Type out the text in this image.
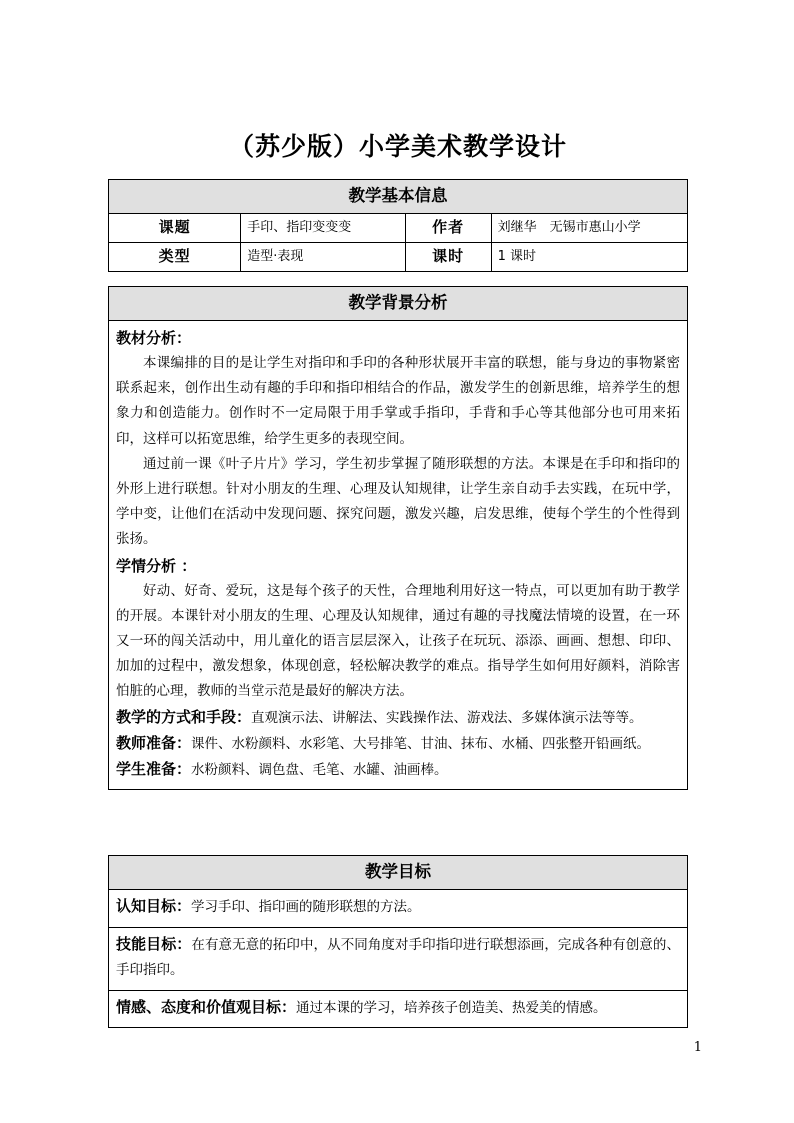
（苏少版）小学美术教学设计
教学基本信息			
课题	手印、指印变变变	作者	刘继华　无锡市惠山小学
类型	造型·表现	课时	1 课时
教学背景分析

教材分析：

本课编排的目的是让学生对指印和手印的各种形状展开丰富的联想，能与身边的事物紧密联系起来，创作出生动有趣的手印和指印相结合的作品，激发学生的创新思维，培养学生的想象力和创造能力。创作时不一定局限于用手掌或手指印，手背和手心等其他部分也可用来拓印，这样可以拓宽思维，给学生更多的表现空间。

通过前一课《叶子片片》学习，学生初步掌握了随形联想的方法。本课是在手印和指印的外形上进行联想。针对小朋友的生理、心理及认知规律，让学生亲自动手去实践，在玩中学，学中变，让他们在活动中发现问题、探究问题，激发兴趣，启发思维，使每个学生的个性得到张扬。

学情分析 ：

好动、好奇、爱玩，这是每个孩子的天性，合理地利用好这一特点，可以更加有助于教学的开展。本课针对小朋友的生理、心理及认知规律，通过有趣的寻找魔法情境的设置，在一环又一环的闯关活动中，用儿童化的语言层层深入，让孩子在玩玩、添添、画画、想想、印印、加加的过程中，激发想象，体现创意，轻松解决教学的难点。指导学生如何用好颜料，消除害怕脏的心理，教师的当堂示范是最好的解决方法。

教学的方式和手段：直观演示法、讲解法、实践操作法、游戏法、多媒体演示法等等。

教师准备：课件、水粉颜料、水彩笔、大号排笔、甘油、抹布、水桶、四张整开铅画纸。

学生准备：水粉颜料、调色盘、毛笔、水罐、油画棒。

教学目标

认知目标：学习手印、指印画的随形联想的方法。

技能目标：在有意无意的拓印中，从不同角度对手印指印进行联想添画，完成各种有创意的、手印指印。

情感、态度和价值观目标：通过本课的学习，培养孩子创造美、热爱美的情感。

1
